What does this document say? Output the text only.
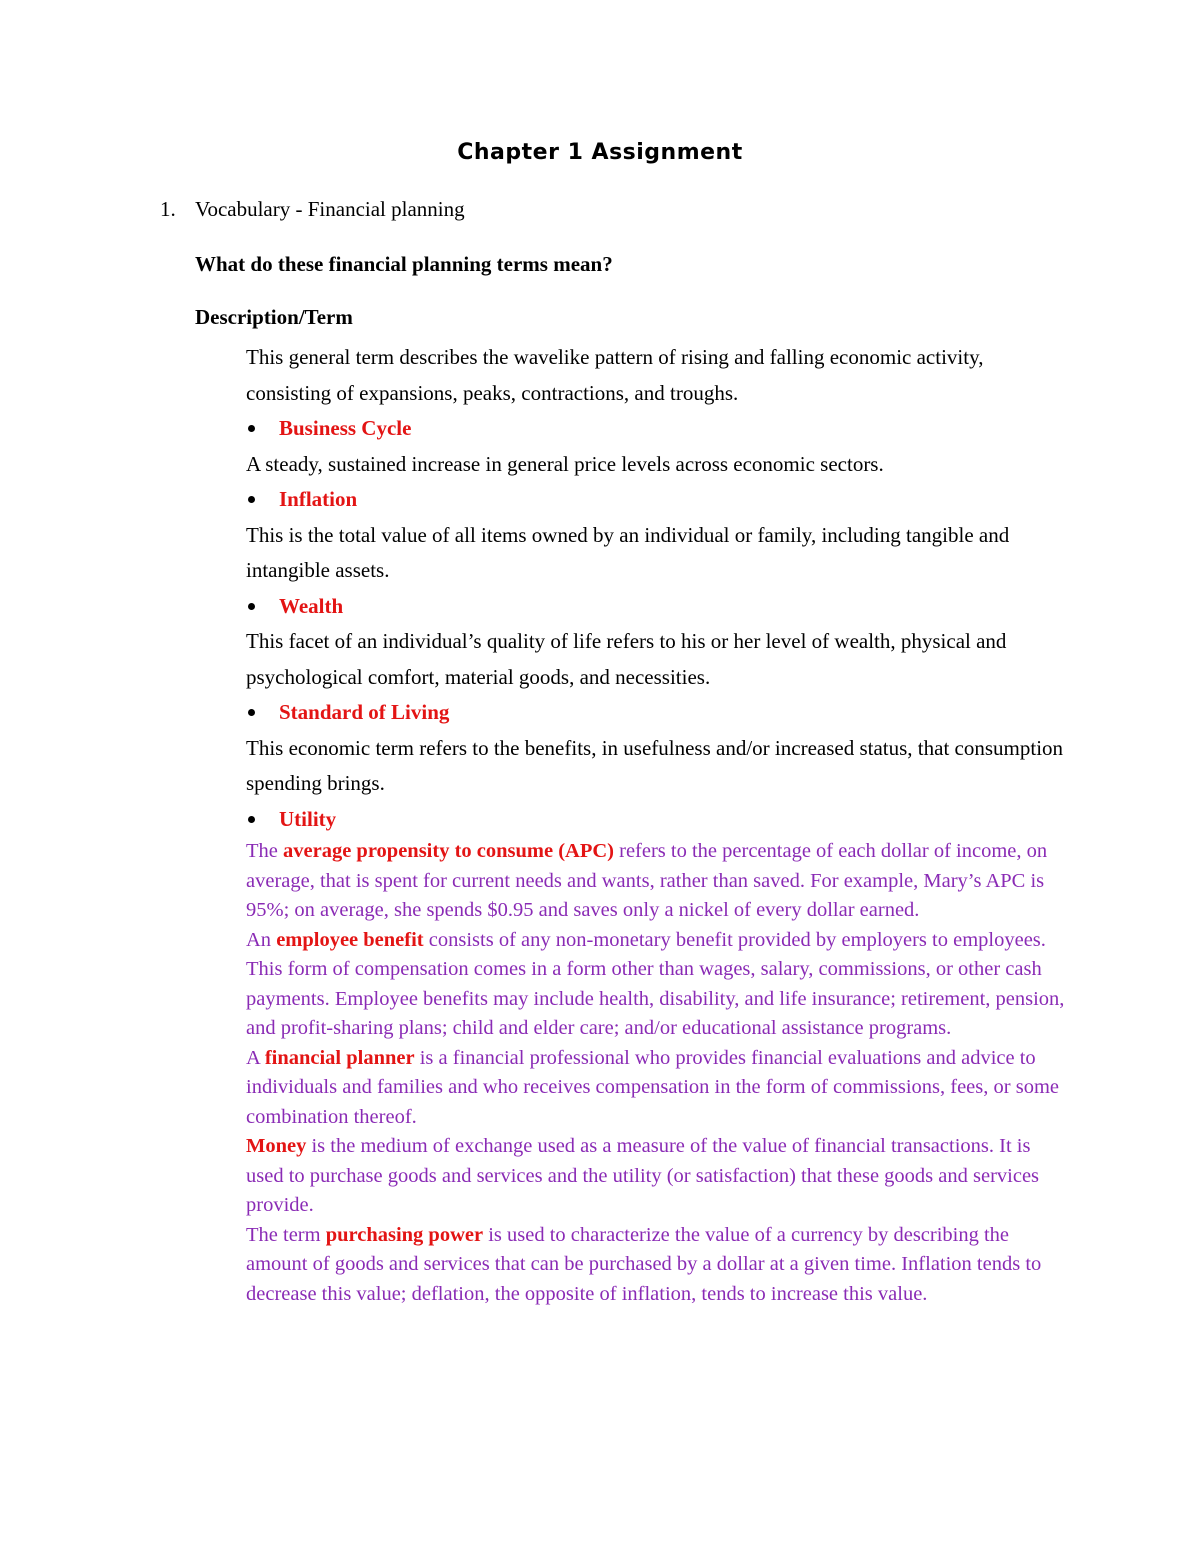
Chapter 1 Assignment
1. Vocabulary - Financial planning
What do these financial planning terms mean?
Description/Term

This general term describes the wavelike pattern of rising and falling economic activity, consisting of expansions, peaks, contractions, and troughs.

Business Cycle

A steady, sustained increase in general price levels across economic sectors.

Inflation

This is the total value of all items owned by an individual or family, including tangible and intangible assets.

Wealth

This facet of an individual’s quality of life refers to his or her level of wealth, physical and psychological comfort, material goods, and necessities.

Standard of Living

This economic term refers to the benefits, in usefulness and/or increased status, that consumption spending brings.

Utility

The average propensity to consume (APC) refers to the percentage of each dollar of income, on average, that is spent for current needs and wants, rather than saved. For example, Mary’s APC is 95%; on average, she spends $0.95 and saves only a nickel of every dollar earned.

An employee benefit consists of any non-monetary benefit provided by employers to employees. This form of compensation comes in a form other than wages, salary, commissions, or other cash payments. Employee benefits may include health, disability, and life insurance; retirement, pension, and profit-sharing plans; child and elder care; and/or educational assistance programs.

A financial planner is a financial professional who provides financial evaluations and advice to individuals and families and who receives compensation in the form of commissions, fees, or some combination thereof.

Money is the medium of exchange used as a measure of the value of financial transactions. It is used to purchase goods and services and the utility (or satisfaction) that these goods and services provide.

The term purchasing power is used to characterize the value of a currency by describing the amount of goods and services that can be purchased by a dollar at a given time. Inflation tends to decrease this value; deflation, the opposite of inflation, tends to increase this value.
